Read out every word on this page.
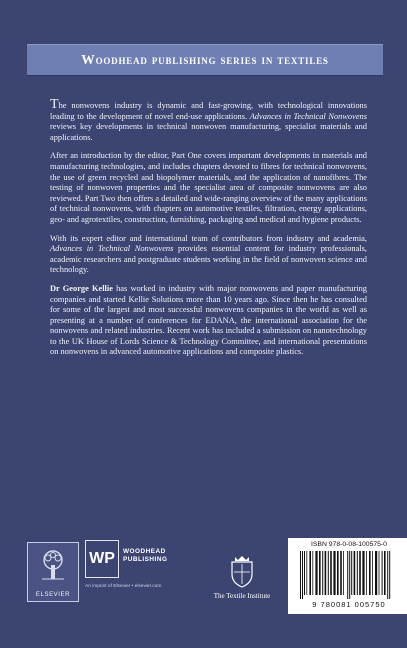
Woodhead publishing series in textiles

The nonwovens industry is dynamic and fast-growing, with technological innovations leading to the development of novel end-use applications. Advances in Technical Nonwovens reviews key developments in technical nonwoven manufacturing, specialist materials and applications.

After an introduction by the editor, Part One covers important developments in materials and manufacturing technologies, and includes chapters devoted to fibres for technical nonwovens, the use of green recycled and biopolymer materials, and the application of nanofibres. The testing of nonwoven properties and the specialist area of composite nonwovens are also reviewed. Part Two then offers a detailed and wide-ranging overview of the many applications of technical nonwovens, with chapters on automotive textiles, filtration, energy applications, geo- and agrotextiles, construction, furnishing, packaging and medical and hygiene products.

With its expert editor and international team of contributors from industry and academia, Advances in Technical Nonwovens provides essential content for industry professionals, academic researchers and postgraduate students working in the field of nonwoven science and technology.

Dr George Kellie has worked in industry with major nonwovens and paper manufacturing companies and started Kellie Solutions more than 10 years ago. Since then he has consulted for some of the largest and most successful nonwovens companies in the world as well as presenting at a number of conferences for EDANA, the international association for the nonwovens and related industries. Recent work has included a submission on nanotechnology to the UK House of Lords Science & Technology Committee, and international presentations on nonwovens in advanced automotive applications and composite plastics.

ELSEVIER
WP	WOODHEAD
PUBLISHING
An imprint of Elsevier • elsevier.com
The Textile Institute
ISBN 978-0-08-100575-0
9 780081 005750
